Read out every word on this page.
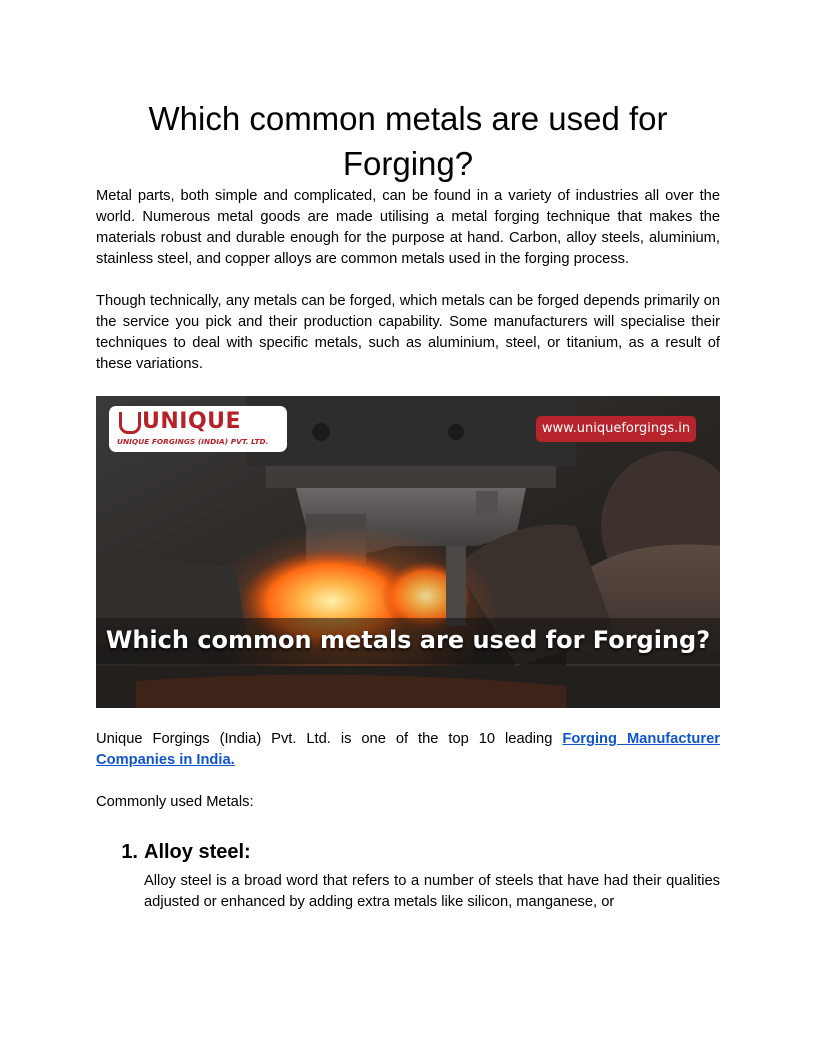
Which common metals are used for Forging?

Metal parts, both simple and complicated, can be found in a variety of industries all over the world. Numerous metal goods are made utilising a metal forging technique that makes the materials robust and durable enough for the purpose at hand. Carbon, alloy steels, aluminium, stainless steel, and copper alloys are common metals used in the forging process.

Though technically, any metals can be forged, which metals can be forged depends primarily on the service you pick and their production capability. Some manufacturers will specialise their techniques to deal with specific metals, such as aluminium, steel, or titanium, as a result of these variations.

UNIQUE
UNIQUE FORGINGS (INDIA) PVT. LTD.
www.uniqueforgings.in
Which common metals are used for Forging?

Unique Forgings (India) Pvt. Ltd. is one of the top 10 leading Forging Manufacturer Companies in India.

Commonly used Metals:

1. Alloy steel:

Alloy steel is a broad word that refers to a number of steels that have had their qualities adjusted or enhanced by adding extra metals like silicon, manganese, or
